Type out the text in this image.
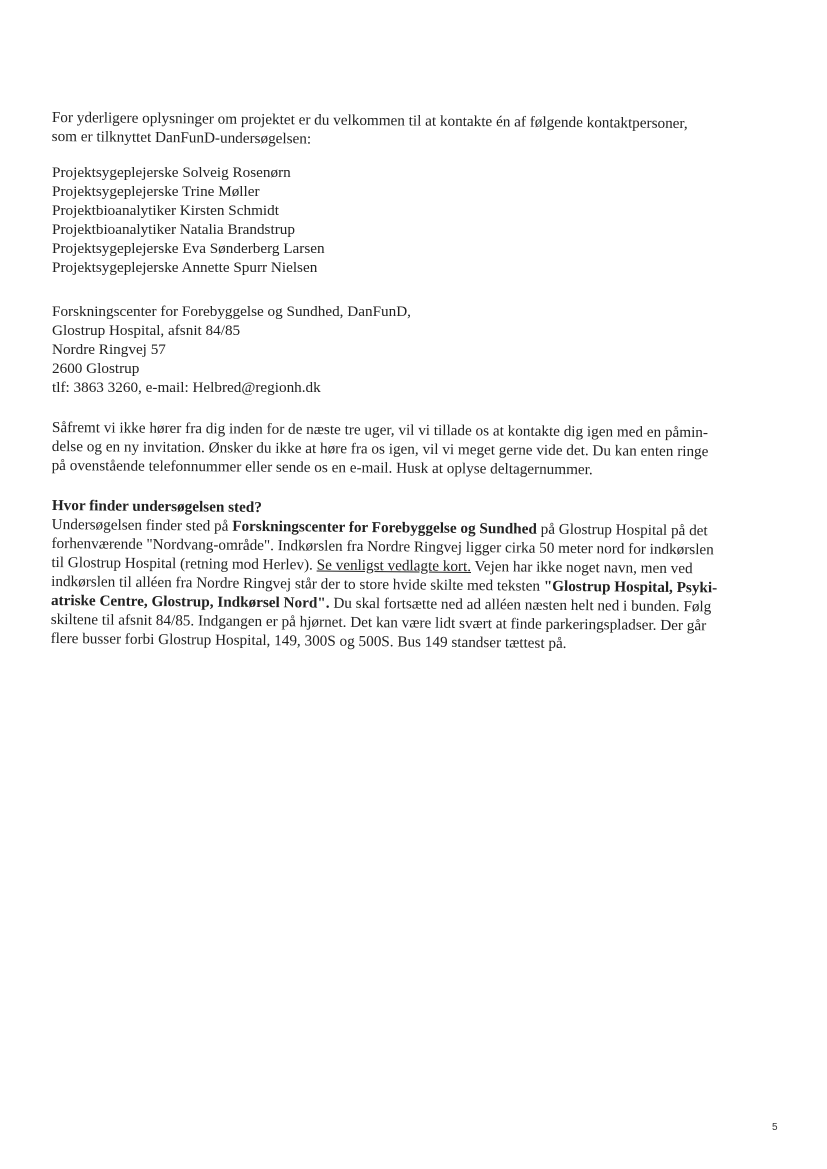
For yderligere oplysninger om projektet er du velkommen til at kontakte én af følgende kontaktpersoner,
som er tilknyttet DanFunD-undersøgelsen:
Projektsygeplejerske Solveig Rosenørn
Projektsygeplejerske Trine Møller
Projektbioanalytiker Kirsten Schmidt
Projektbioanalytiker Natalia Brandstrup
Projektsygeplejerske Eva Sønderberg Larsen
Projektsygeplejerske Annette Spurr Nielsen
Forskningscenter for Forebyggelse og Sundhed, DanFunD,
Glostrup Hospital, afsnit 84/85
Nordre Ringvej 57
2600 Glostrup
tlf: 3863 3260, e-mail: Helbred@regionh.dk
Såfremt vi ikke hører fra dig inden for de næste tre uger, vil vi tillade os at kontakte dig igen med en påmin-
delse og en ny invitation. Ønsker du ikke at høre fra os igen, vil vi meget gerne vide det. Du kan enten ringe
på ovenstående telefonnummer eller sende os en e-mail. Husk at oplyse deltagernummer.
Hvor finder undersøgelsen sted?
Undersøgelsen finder sted på Forskningscenter for Forebyggelse og Sundhed på Glostrup Hospital på det
forhenværende "Nordvang-område". Indkørslen fra Nordre Ringvej ligger cirka 50 meter nord for indkørslen
til Glostrup Hospital (retning mod Herlev). Se venligst vedlagte kort. Vejen har ikke noget navn, men ved
indkørslen til alléen fra Nordre Ringvej står der to store hvide skilte med teksten "Glostrup Hospital, Psyki-
atriske Centre, Glostrup, Indkørsel Nord". Du skal fortsætte ned ad alléen næsten helt ned i bunden. Følg
skiltene til afsnit 84/85. Indgangen er på hjørnet. Det kan være lidt svært at finde parkeringspladser. Der går
flere busser forbi Glostrup Hospital, 149, 300S og 500S. Bus 149 standser tættest på.
5
